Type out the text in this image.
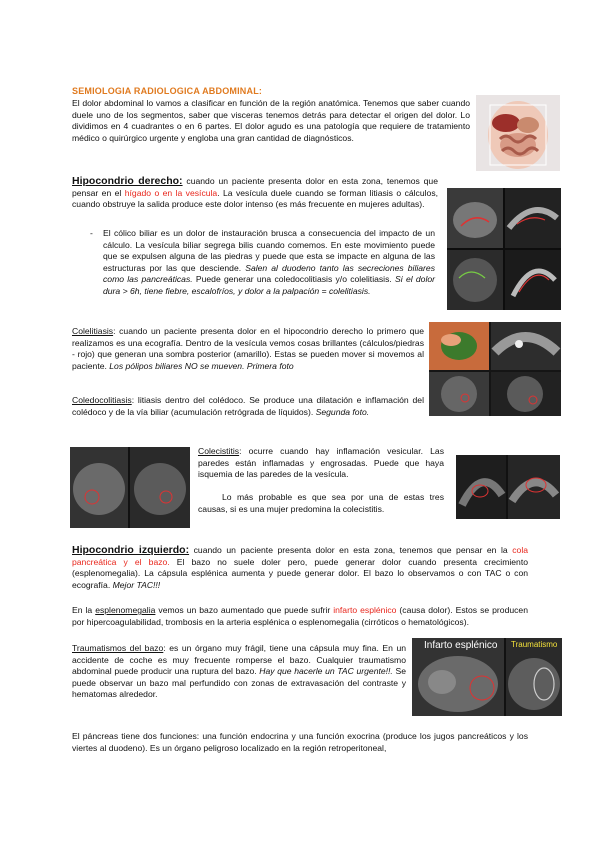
SEMIOLOGIA RADIOLOGICA ABDOMINAL:

El dolor abdominal lo vamos a clasificar en función de la región anatómica. Tenemos que saber cuando duele uno de los segmentos, saber que visceras tenemos detrás para detectar el origen del dolor. Lo dividimos en 4 cuadrantes o en 6 partes. El dolor agudo es una patología que requiere de tratamiento médico o quirúrgico urgente y engloba una gran cantidad de diagnósticos.

Hipocondrio derecho: cuando un paciente presenta dolor en esta zona, tenemos que pensar en el hígado o en la vesícula. La vesícula duele cuando se forman litiasis o cálculos, cuando obstruye la salida produce este dolor intenso (es más frecuente en mujeres adultas).

- El cólico biliar es un dolor de instauración brusca a consecuencia del impacto de un cálculo. La vesícula biliar segrega bilis cuando comemos. En este movimiento puede que se expulsen alguna de las piedras y puede que esta se impacte en alguna de las estructuras por las que desciende. Salen al duodeno tanto las secreciones biliares como las pancreáticas. Puede generar una coledocolitiasis y/o colelitiasis. Si el dolor dura > 6h, tiene fiebre, escalofríos, y dolor a la palpación = colelitiasis.

Colelitiasis: cuando un paciente presenta dolor en el hipocondrio derecho lo primero que realizamos es una ecografía. Dentro de la vesícula vemos cosas brillantes (cálculos/piedras - rojo) que generan una sombra posterior (amarillo). Estas se pueden mover si movemos al paciente. Los pólipos biliares NO se mueven. Primera foto

Coledocolitiasis: litiasis dentro del colédoco. Se produce una dilatación e inflamación del colédoco y de la vía biliar (acumulación retrógrada de líquidos). Segunda foto.

Colecistitis: ocurre cuando hay inflamación vesicular. Las paredes están inflamadas y engrosadas. Puede que haya isquemia de las paredes de la vesícula.

Lo más probable es que sea por una de estas tres causas, si es una mujer predomina la colecistitis.

Hipocondrio izquierdo: cuando un paciente presenta dolor en esta zona, tenemos que pensar en la cola pancreática y el bazo. El bazo no suele doler pero, puede generar dolor cuando presenta crecimiento (esplenomegalia). La cápsula esplénica aumenta y puede generar dolor. El bazo lo observamos o con TAC o con ecografía. Mejor TAC!!!

En la esplenomegalia vemos un bazo aumentado que puede sufrir infarto esplénico (causa dolor). Estos se producen por hipercoagulabilidad, trombosis en la arteria esplénica o esplenomegalia (cirróticos o hematológicos).

Traumatismos del bazo: es un órgano muy frágil, tiene una cápsula muy fina. En un accidente de coche es muy frecuente romperse el bazo. Cualquier traumatismo abdominal puede producir una ruptura del bazo. Hay que hacerle un TAC urgente!!. Se puede observar un bazo mal perfundido con zonas de extravasación del contraste y hematomas alrededor.

Infarto esplénico Traumatismo

El páncreas tiene dos funciones: una función endocrina y una función exocrina (produce los jugos pancreáticos y los viertes al duodeno). Es un órgano peligroso localizado en la región retroperitoneal,
